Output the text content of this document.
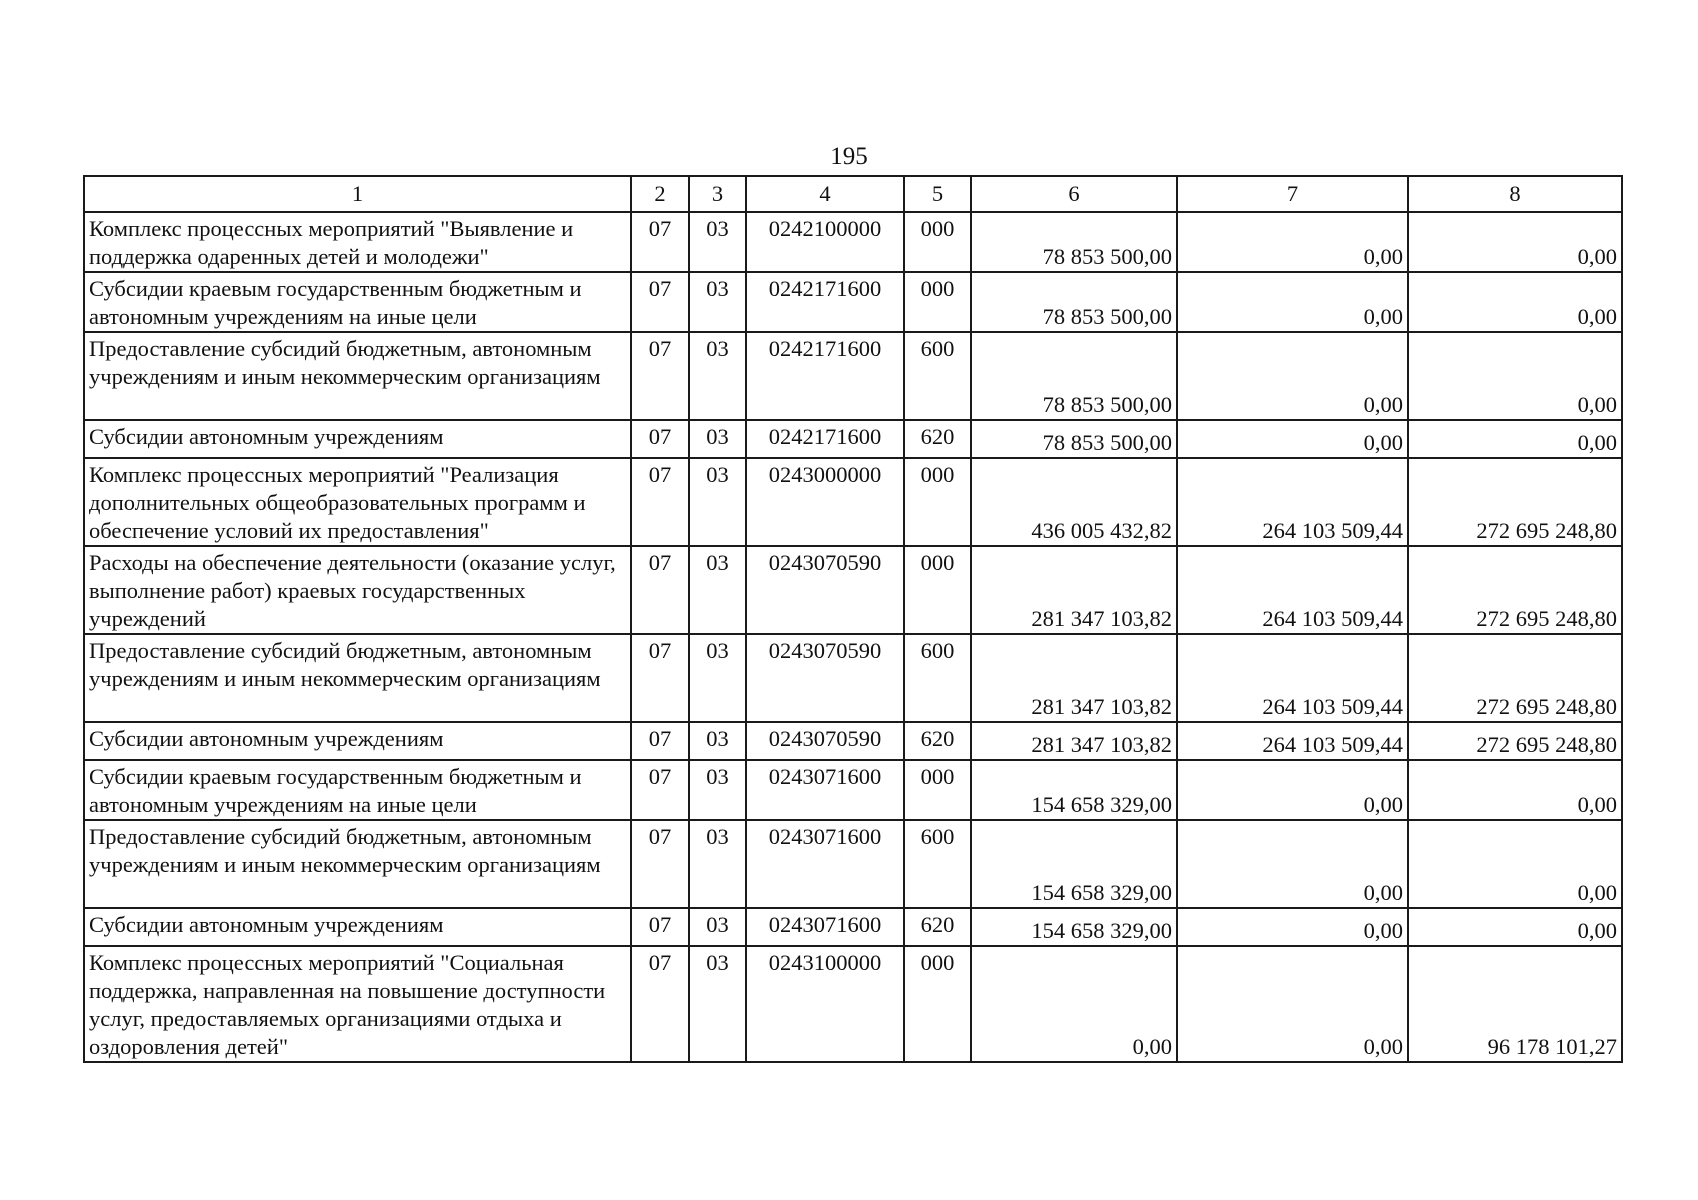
195
1	2	3	4	5	6	7	8
Комплекс процессных мероприятий "Выявление и поддержка одаренных детей и молодежи"	07	03	0242100000	000	78 853 500,00	0,00	0,00
Субсидии краевым государственным бюджетным и автономным учреждениям на иные цели	07	03	0242171600	000	78 853 500,00	0,00	0,00
Предоставление субсидий бюджетным, автономным учреждениям и иным некоммерческим организациям	07	03	0242171600	600	78 853 500,00	0,00	0,00
Субсидии автономным учреждениям	07	03	0242171600	620	78 853 500,00	0,00	0,00
Комплекс процессных мероприятий "Реализация дополнительных общеобразовательных программ и обеспечение условий их предоставления"	07	03	0243000000	000	436 005 432,82	264 103 509,44	272 695 248,80
Расходы на обеспечение деятельности (оказание услуг, выполнение работ) краевых государственных учреждений	07	03	0243070590	000	281 347 103,82	264 103 509,44	272 695 248,80
Предоставление субсидий бюджетным, автономным учреждениям и иным некоммерческим организациям	07	03	0243070590	600	281 347 103,82	264 103 509,44	272 695 248,80
Субсидии автономным учреждениям	07	03	0243070590	620	281 347 103,82	264 103 509,44	272 695 248,80
Субсидии краевым государственным бюджетным и автономным учреждениям на иные цели	07	03	0243071600	000	154 658 329,00	0,00	0,00
Предоставление субсидий бюджетным, автономным учреждениям и иным некоммерческим организациям	07	03	0243071600	600	154 658 329,00	0,00	0,00
Субсидии автономным учреждениям	07	03	0243071600	620	154 658 329,00	0,00	0,00
Комплекс процессных мероприятий "Социальная поддержка, направленная на повышение доступности услуг, предоставляемых организациями отдыха и оздоровления детей"	07	03	0243100000	000	0,00	0,00	96 178 101,27
